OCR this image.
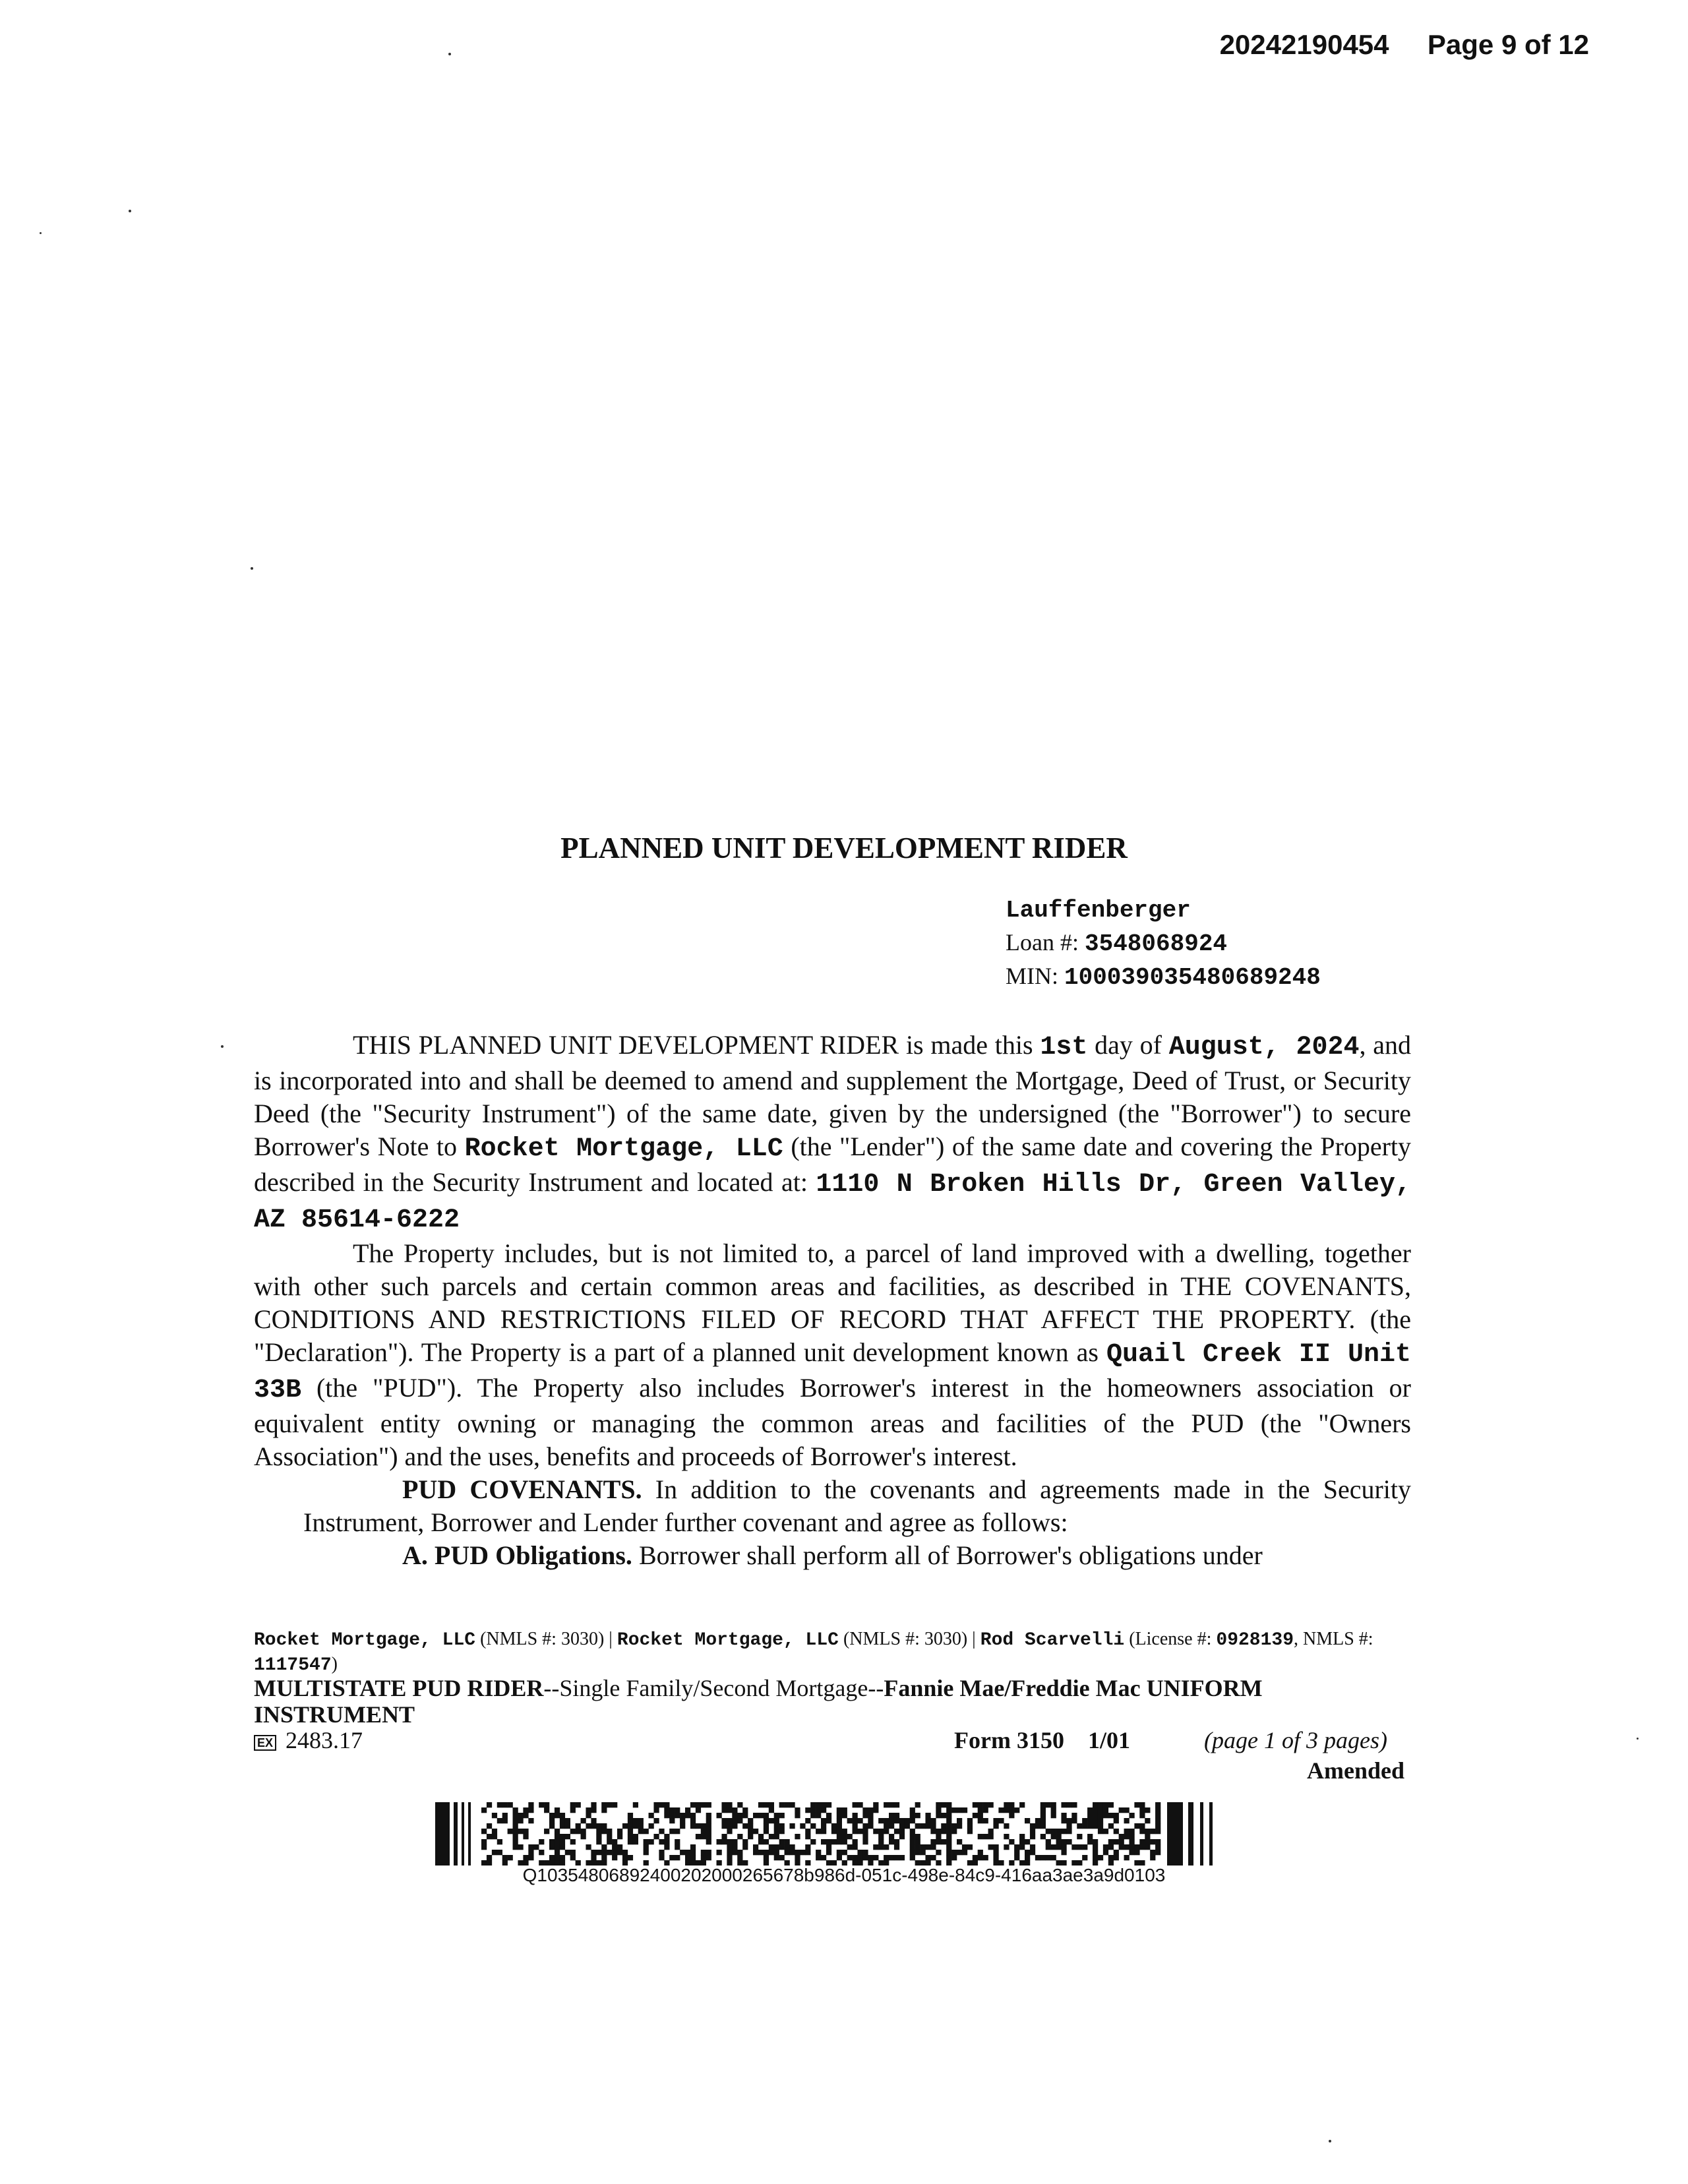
20242190454 Page 9 of 12
PLANNED UNIT DEVELOPMENT RIDER
Lauffenberger
Loan #: 3548068924
MIN: 100039035480689248

THIS PLANNED UNIT DEVELOPMENT RIDER is made this 1st day of August, 2024, and is incorporated into and shall be deemed to amend and supplement the Mortgage, Deed of Trust, or Security Deed (the "Security Instrument") of the same date, given by the undersigned (the "Borrower") to secure Borrower's Note to Rocket Mortgage, LLC (the "Lender") of the same date and covering the Property described in the Security Instrument and located at: 1110 N Broken Hills Dr, Green Valley, AZ 85614-6222

The Property includes, but is not limited to, a parcel of land improved with a dwelling, together with other such parcels and certain common areas and facilities, as described in THE COVENANTS, CONDITIONS AND RESTRICTIONS FILED OF RECORD THAT AFFECT THE PROPERTY. (the "Declaration"). The Property is a part of a planned unit development known as Quail Creek II Unit 33B (the "PUD"). The Property also includes Borrower's interest in the homeowners association or equivalent entity owning or managing the common areas and facilities of the PUD (the "Owners Association") and the uses, benefits and proceeds of Borrower's interest.

PUD COVENANTS. In addition to the covenants and agreements made in the Security Instrument, Borrower and Lender further covenant and agree as follows:

A. PUD Obligations. Borrower shall perform all of Borrower's obligations under

Rocket Mortgage, LLC (NMLS #: 3030) | Rocket Mortgage, LLC (NMLS #: 3030) | Rod Scarvelli (License #: 0928139, NMLS #: 1117547)
MULTISTATE PUD RIDER--Single Family/Second Mortgage--Fannie Mae/Freddie Mac UNIFORM INSTRUMENT
EX 2483.17	Form 3150    1/01	(page 1 of 3 pages)
Amended
Q10354806892400202000265678b986d-051c-498e-84c9-416aa3ae3a9d0103
